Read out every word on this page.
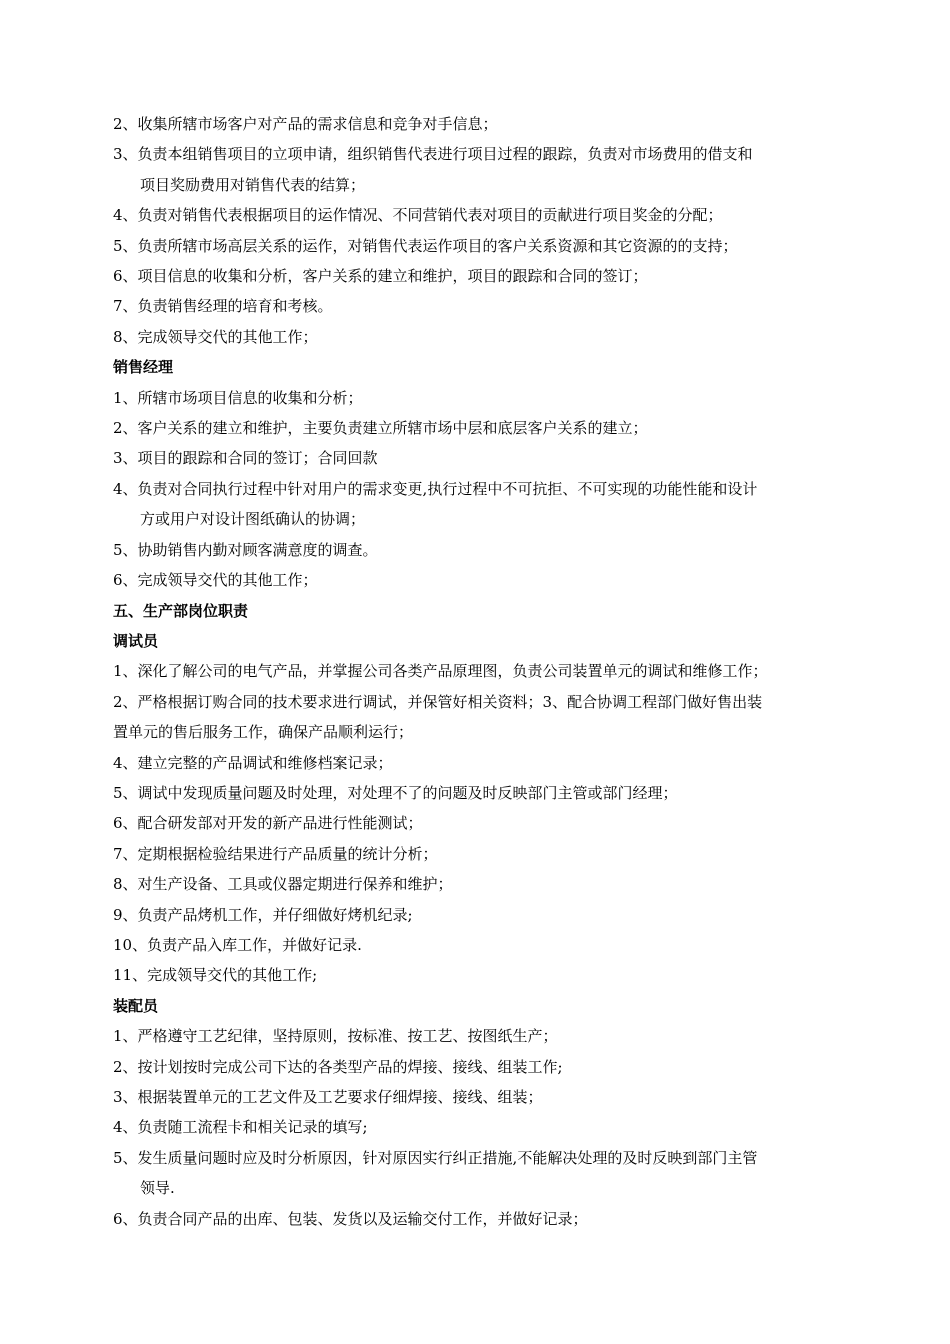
2、收集所辖市场客户对产品的需求信息和竞争对手信息；
3、负责本组销售项目的立项申请，组织销售代表进行项目过程的跟踪，负责对市场费用的借支和
项目奖励费用对销售代表的结算；
4、负责对销售代表根据项目的运作情况、不同营销代表对项目的贡献进行项目奖金的分配；
5、负责所辖市场高层关系的运作，对销售代表运作项目的客户关系资源和其它资源的的支持；
6、项目信息的收集和分析，客户关系的建立和维护，项目的跟踪和合同的签订；
7、负责销售经理的培育和考核。
8、完成领导交代的其他工作；
销售经理
1、所辖市场项目信息的收集和分析；
2、客户关系的建立和维护，主要负责建立所辖市场中层和底层客户关系的建立；
3、项目的跟踪和合同的签订；合同回款
4、负责对合同执行过程中针对用户的需求变更,执行过程中不可抗拒、不可实现的功能性能和设计
方或用户对设计图纸确认的协调；
5、协助销售内勤对顾客满意度的调查。
6、完成领导交代的其他工作；
五、生产部岗位职责
调试员
1、深化了解公司的电气产品，并掌握公司各类产品原理图，负责公司装置单元的调试和维修工作；
2、严格根据订购合同的技术要求进行调试，并保管好相关资料；3、配合协调工程部门做好售出装
置单元的售后服务工作，确保产品顺利运行；
4、建立完整的产品调试和维修档案记录；
5、调试中发现质量问题及时处理，对处理不了的问题及时反映部门主管或部门经理；
6、配合研发部对开发的新产品进行性能测试；
7、定期根据检验结果进行产品质量的统计分析；
8、对生产设备、工具或仪器定期进行保养和维护；
9、负责产品烤机工作，并仔细做好烤机纪录;
10、负责产品入库工作，并做好记录.
11、完成领导交代的其他工作;
装配员
1、严格遵守工艺纪律，坚持原则，按标准、按工艺、按图纸生产；
2、按计划按时完成公司下达的各类型产品的焊接、接线、组装工作;
3、根据装置单元的工艺文件及工艺要求仔细焊接、接线、组装；
4、负责随工流程卡和相关记录的填写;
5、发生质量问题时应及时分析原因，针对原因实行纠正措施,不能解决处理的及时反映到部门主管
领导.
6、负责合同产品的出库、包装、发货以及运输交付工作，并做好记录；
